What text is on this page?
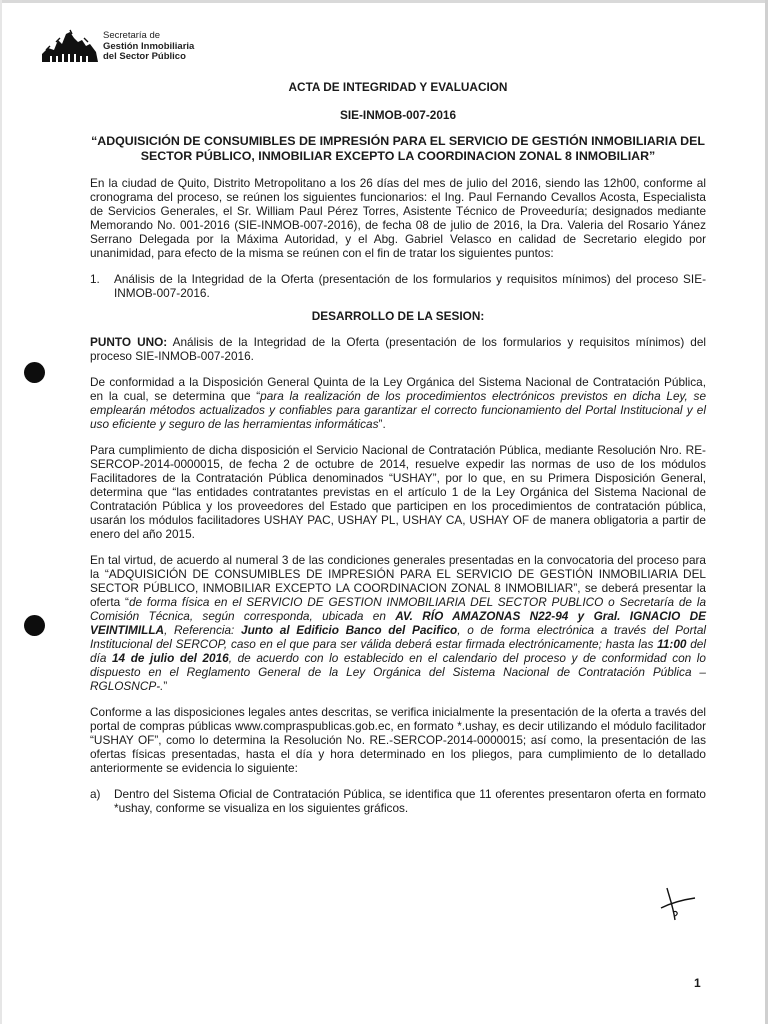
Secretaría de
Gestión Inmobiliaria
del Sector Público
ACTA DE INTEGRIDAD Y EVALUACION
SIE-INMOB-007-2016
“ADQUISICIÓN DE CONSUMIBLES DE IMPRESIÓN PARA EL SERVICIO DE GESTIÓN INMOBILIARIA DEL SECTOR PÚBLICO, INMOBILIAR EXCEPTO LA COORDINACION ZONAL 8 INMOBILIAR”

En la ciudad de Quito, Distrito Metropolitano a los 26 días del mes de julio del 2016, siendo las 12h00, conforme al cronograma del proceso, se reúnen los siguientes funcionarios: el Ing. Paul Fernando Cevallos Acosta, Especialista de Servicios Generales, el Sr. William Paul Pérez Torres, Asistente Técnico de Proveeduría; designados mediante Memorando No. 001-2016 (SIE-INMOB-007-2016), de fecha 08 de julio de 2016, la Dra. Valeria del Rosario Yánez Serrano Delegada por la Máxima Autoridad, y el Abg. Gabriel Velasco en calidad de Secretario elegido por unanimidad, para efecto de la misma se reúnen con el fin de tratar los siguientes puntos:

1.	Análisis de la Integridad de la Oferta (presentación de los formularios y requisitos mínimos) del proceso SIE-INMOB-007-2016.
DESARROLLO DE LA SESION:

PUNTO UNO: Análisis de la Integridad de la Oferta (presentación de los formularios y requisitos mínimos) del proceso SIE-INMOB-007-2016.

De conformidad a la Disposición General Quinta de la Ley Orgánica del Sistema Nacional de Contratación Pública, en la cual, se determina que “para la realización de los procedimientos electrónicos previstos en dicha Ley, se emplearán métodos actualizados y confiables para garantizar el correcto funcionamiento del Portal Institucional y el uso eficiente y seguro de las herramientas informáticas”.

Para cumplimiento de dicha disposición el Servicio Nacional de Contratación Pública, mediante Resolución Nro. RE-SERCOP-2014-0000015, de fecha 2 de octubre de 2014, resuelve expedir las normas de uso de los módulos Facilitadores de la Contratación Pública denominados “USHAY”, por lo que, en su Primera Disposición General, determina que “las entidades contratantes previstas en el artículo 1 de la Ley Orgánica del Sistema Nacional de Contratación Pública y los proveedores del Estado que participen en los procedimientos de contratación pública, usarán los módulos facilitadores USHAY PAC, USHAY PL, USHAY CA, USHAY OF de manera obligatoria a partir de enero del año 2015.

En tal virtud, de acuerdo al numeral 3 de las condiciones generales presentadas en la convocatoria del proceso para la “ADQUISICIÓN DE CONSUMIBLES DE IMPRESIÓN PARA EL SERVICIO DE GESTIÓN INMOBILIARIA DEL SECTOR PÚBLICO, INMOBILIAR EXCEPTO LA COORDINACION ZONAL 8 INMOBILIAR”, se deberá presentar la oferta “de forma física en el SERVICIO DE GESTION INMOBILIARIA DEL SECTOR PUBLICO o Secretaría de la Comisión Técnica, según corresponda, ubicada en AV. RÍO AMAZONAS N22-94 y Gral. IGNACIO DE VEINTIMILLA, Referencia: Junto al Edificio Banco del Pacifico, o de forma electrónica a través del Portal Institucional del SERCOP, caso en el que para ser válida deberá estar firmada electrónicamente; hasta las 11:00 del día 14 de julio del 2016, de acuerdo con lo establecido en el calendario del proceso y de conformidad con lo dispuesto en el Reglamento General de la Ley Orgánica del Sistema Nacional de Contratación Pública –RGLOSNCP-.”

Conforme a las disposiciones legales antes descritas, se verifica inicialmente la presentación de la oferta a través del portal de compras públicas www.compraspublicas.gob.ec, en formato *.ushay, es decir utilizando el módulo facilitador “USHAY OF”, como lo determina la Resolución No. RE.-SERCOP-2014-0000015; así como, la presentación de las ofertas físicas presentadas, hasta el día y hora determinado en los pliegos, para cumplimiento de lo detallado anteriormente se evidencia lo siguiente:

a)	Dentro del Sistema Oficial de Contratación Pública, se identifica que 11 oferentes presentaron oferta en formato *ushay, conforme se visualiza en los siguientes gráficos.
1
